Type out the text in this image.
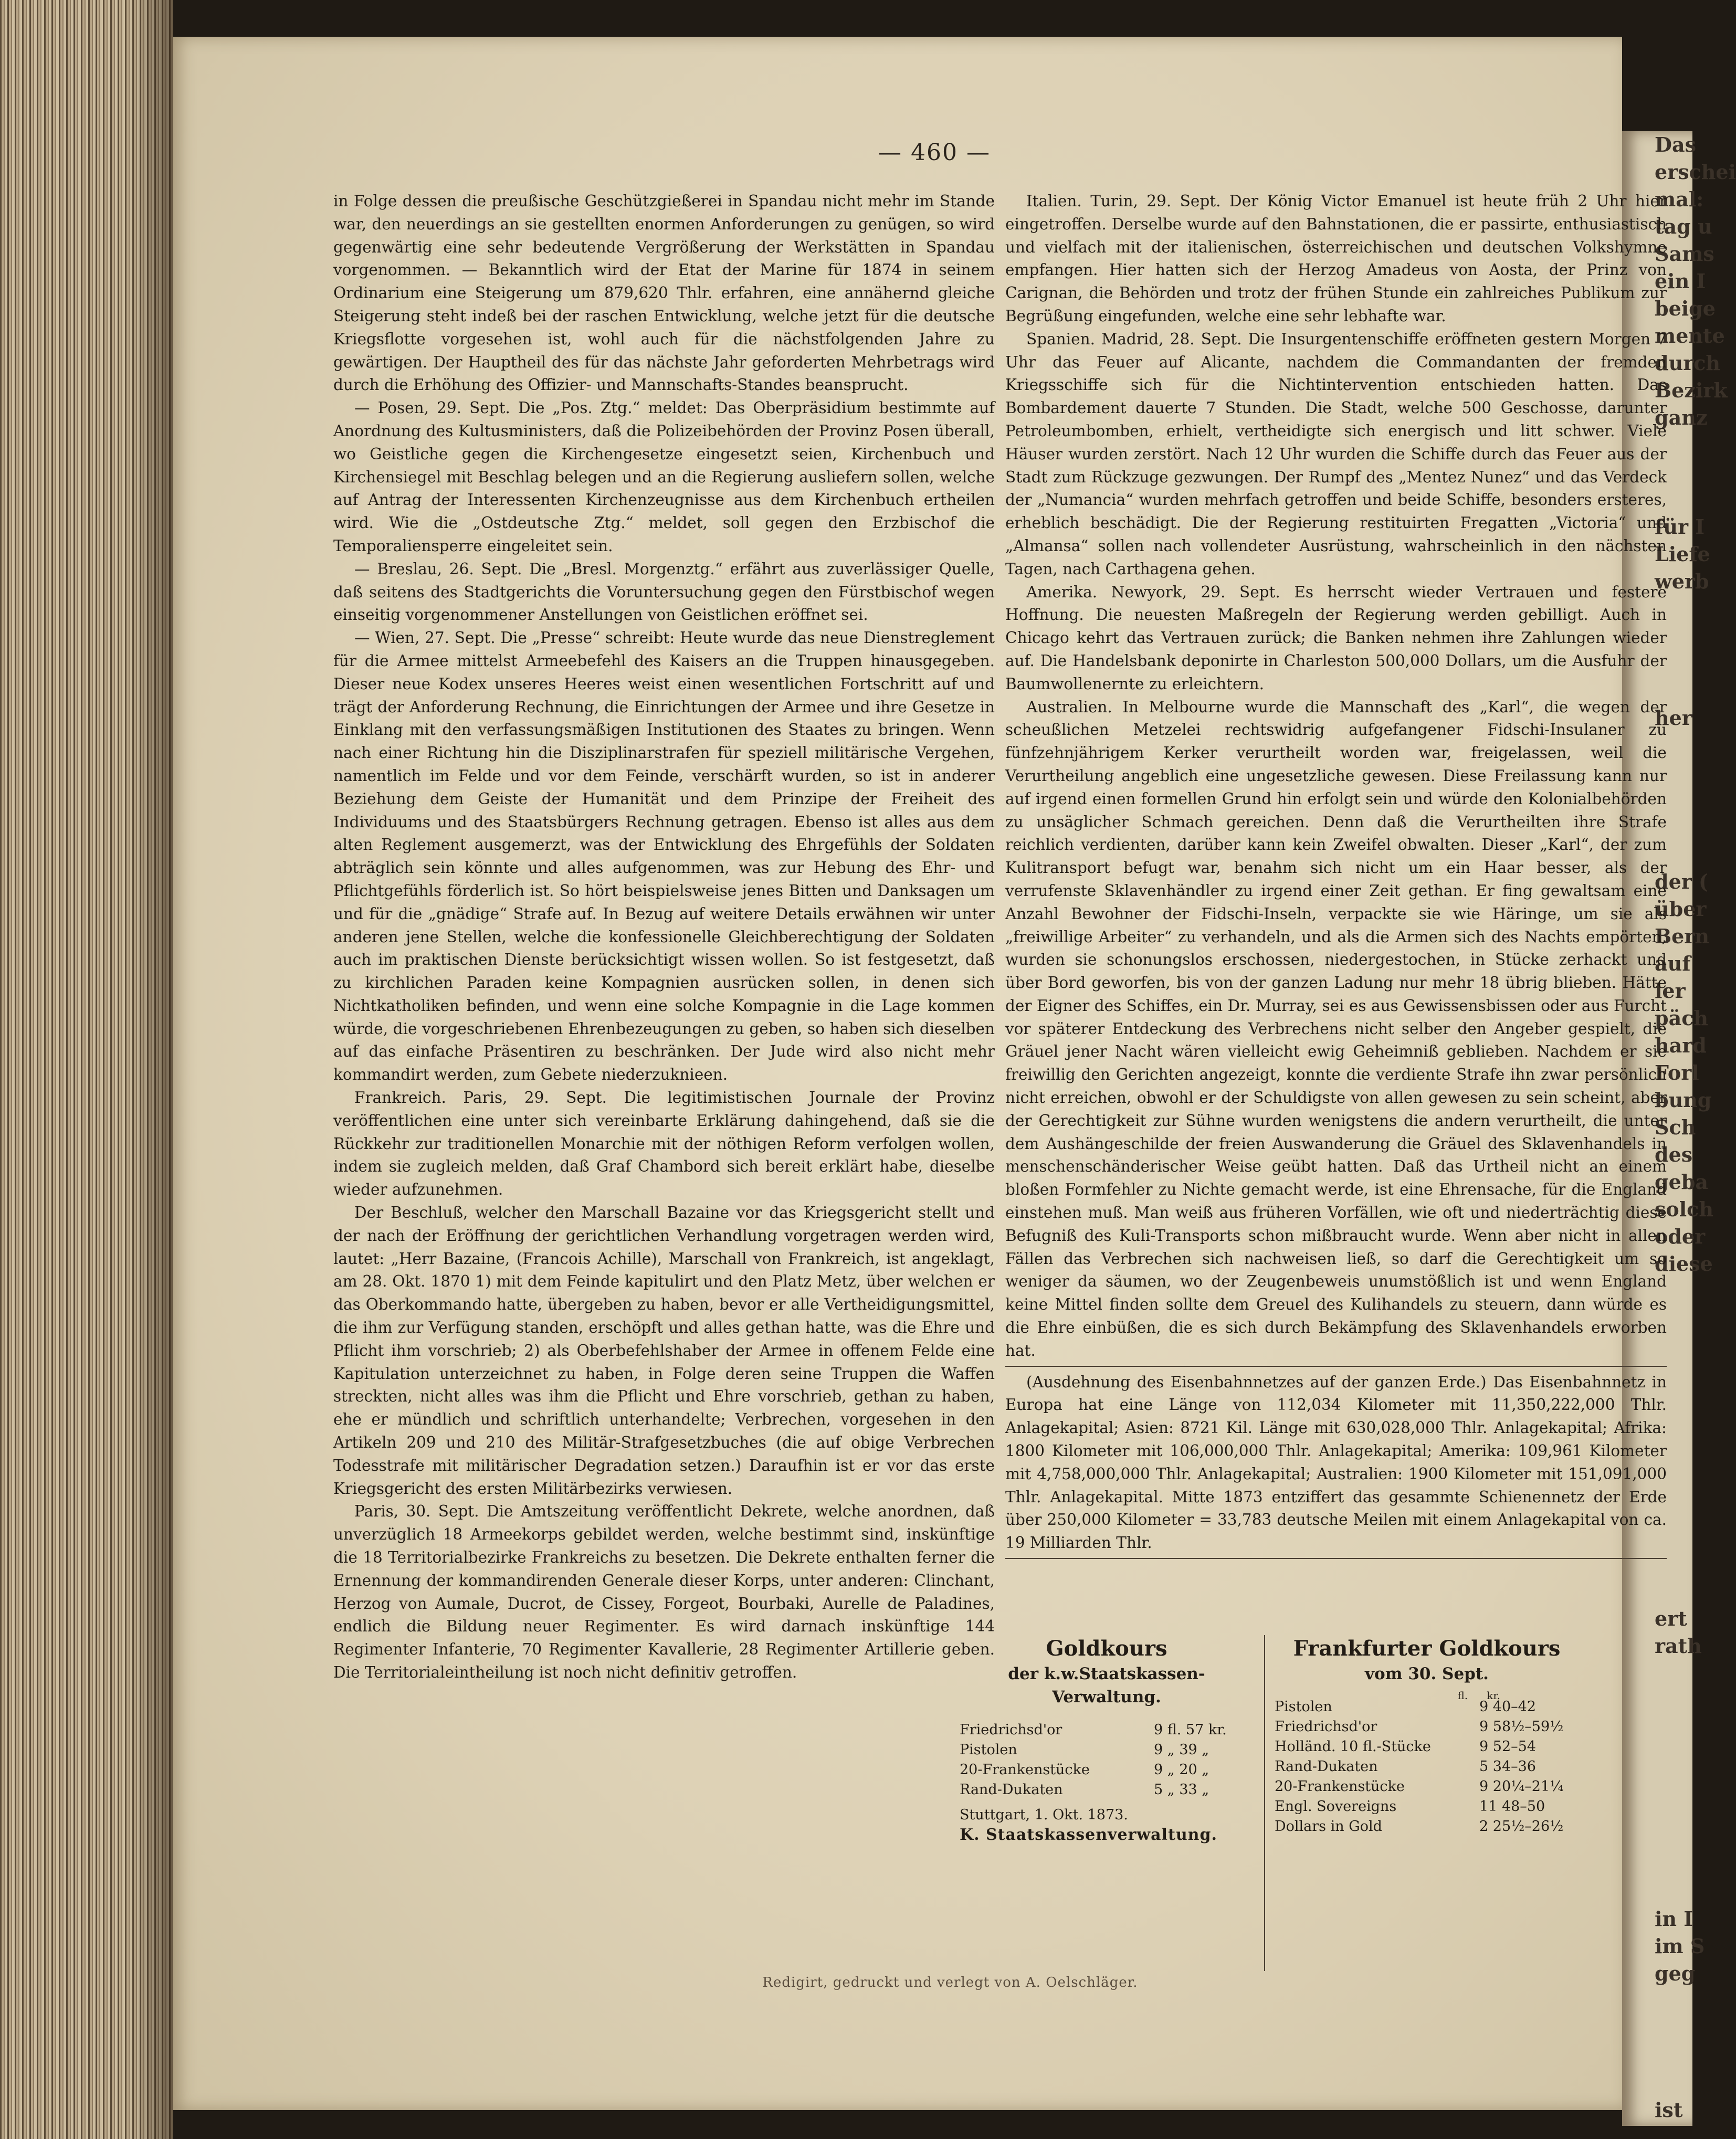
Das
erschei
mal:
tag u
Sams
ein I
beige
mente
durch
Bezirk
ganz

für I
Liefe
werb

her

der (
über
Bern
auf
ler
päch
hard
Forl
bung
Sch
des
geba
solch
oder
diese

ert
rath

in I
im S
geg

ist
— 460 —

in Folge dessen die preußische Geschützgießerei in Spandau nicht mehr im Stande war, den neuerdings an sie gestellten enormen Anforderungen zu genügen, so wird gegenwärtig eine sehr bedeutende Vergrößerung der Werkstätten in Spandau vorgenommen. — Bekanntlich wird der Etat der Marine für 1874 in seinem Ordinarium eine Steigerung um 879,620 Thlr. erfahren, eine annähernd gleiche Steigerung steht indeß bei der raschen Entwicklung, welche jetzt für die deutsche Kriegsflotte vorgesehen ist, wohl auch für die nächstfolgenden Jahre zu gewärtigen. Der Hauptheil des für das nächste Jahr geforderten Mehrbetrags wird durch die Erhöhung des Offizier- und Mannschafts-Standes beansprucht.

— Posen, 29. Sept. Die „Pos. Ztg.“ meldet: Das Oberpräsidium bestimmte auf Anordnung des Kultusministers, daß die Polizeibehörden der Provinz Posen überall, wo Geistliche gegen die Kirchengesetze eingesetzt seien, Kirchenbuch und Kirchensiegel mit Beschlag belegen und an die Regierung ausliefern sollen, welche auf Antrag der Interessenten Kirchenzeugnisse aus dem Kirchenbuch ertheilen wird. Wie die „Ostdeutsche Ztg.“ meldet, soll gegen den Erzbischof die Temporaliensperre eingeleitet sein.

— Breslau, 26. Sept. Die „Bresl. Morgenztg.“ erfährt aus zuverlässiger Quelle, daß seitens des Stadtgerichts die Voruntersuchung gegen den Fürstbischof wegen einseitig vorgenommener Anstellungen von Geistlichen eröffnet sei.

— Wien, 27. Sept. Die „Presse“ schreibt: Heute wurde das neue Dienstreglement für die Armee mittelst Armeebefehl des Kaisers an die Truppen hinausgegeben. Dieser neue Kodex unseres Heeres weist einen wesentlichen Fortschritt auf und trägt der Anforderung Rechnung, die Einrichtungen der Armee und ihre Gesetze in Einklang mit den verfassungsmäßigen Institutionen des Staates zu bringen. Wenn nach einer Richtung hin die Disziplinarstrafen für speziell militärische Vergehen, namentlich im Felde und vor dem Feinde, verschärft wurden, so ist in anderer Beziehung dem Geiste der Humanität und dem Prinzipe der Freiheit des Individuums und des Staatsbürgers Rechnung getragen. Ebenso ist alles aus dem alten Reglement ausgemerzt, was der Entwicklung des Ehrgefühls der Soldaten abträglich sein könnte und alles aufgenommen, was zur Hebung des Ehr- und Pflichtgefühls förderlich ist. So hört beispielsweise jenes Bitten und Danksagen um und für die „gnädige“ Strafe auf. In Bezug auf weitere Details erwähnen wir unter anderen jene Stellen, welche die konfessionelle Gleichberechtigung der Soldaten auch im praktischen Dienste berücksichtigt wissen wollen. So ist festgesetzt, daß zu kirchlichen Paraden keine Kompagnien ausrücken sollen, in denen sich Nichtkatholiken befinden, und wenn eine solche Kompagnie in die Lage kommen würde, die vorgeschriebenen Ehrenbezeugungen zu geben, so haben sich dieselben auf das einfache Präsentiren zu beschränken. Der Jude wird also nicht mehr kommandirt werden, zum Gebete niederzuknieen.

Frankreich. Paris, 29. Sept. Die legitimistischen Journale der Provinz veröffentlichen eine unter sich vereinbarte Erklärung dahingehend, daß sie die Rückkehr zur traditionellen Monarchie mit der nöthigen Reform verfolgen wollen, indem sie zugleich melden, daß Graf Chambord sich bereit erklärt habe, dieselbe wieder aufzunehmen.

Der Beschluß, welcher den Marschall Bazaine vor das Kriegsgericht stellt und der nach der Eröffnung der gerichtlichen Verhandlung vorgetragen werden wird, lautet: „Herr Bazaine, (Francois Achille), Marschall von Frankreich, ist angeklagt, am 28. Okt. 1870 1) mit dem Feinde kapitulirt und den Platz Metz, über welchen er das Oberkommando hatte, übergeben zu haben, bevor er alle Vertheidigungsmittel, die ihm zur Verfügung standen, erschöpft und alles gethan hatte, was die Ehre und Pflicht ihm vorschrieb; 2) als Oberbefehlshaber der Armee in offenem Felde eine Kapitulation unterzeichnet zu haben, in Folge deren seine Truppen die Waffen streckten, nicht alles was ihm die Pflicht und Ehre vorschrieb, gethan zu haben, ehe er mündlich und schriftlich unterhandelte; Verbrechen, vorgesehen in den Artikeln 209 und 210 des Militär-Strafgesetzbuches (die auf obige Verbrechen Todesstrafe mit militärischer Degradation setzen.) Daraufhin ist er vor das erste Kriegsgericht des ersten Militärbezirks verwiesen.

Paris, 30. Sept. Die Amtszeitung veröffentlicht Dekrete, welche anordnen, daß unverzüglich 18 Armeekorps gebildet werden, welche bestimmt sind, inskünftige die 18 Territorialbezirke Frankreichs zu besetzen. Die Dekrete enthalten ferner die Ernennung der kommandirenden Generale dieser Korps, unter anderen: Clinchant, Herzog von Aumale, Ducrot, de Cissey, Forgeot, Bourbaki, Aurelle de Paladines, endlich die Bildung neuer Regimenter. Es wird darnach inskünftige 144 Regimenter Infanterie, 70 Regimenter Kavallerie, 28 Regimenter Artillerie geben. Die Territorialeintheilung ist noch nicht definitiv getroffen.

Italien. Turin, 29. Sept. Der König Victor Emanuel ist heute früh 2 Uhr hier eingetroffen. Derselbe wurde auf den Bahnstationen, die er passirte, enthusiastisch und vielfach mit der italienischen, österreichischen und deutschen Volkshymne empfangen. Hier hatten sich der Herzog Amadeus von Aosta, der Prinz von Carignan, die Behörden und trotz der frühen Stunde ein zahlreiches Publikum zur Begrüßung eingefunden, welche eine sehr lebhafte war.

Spanien. Madrid, 28. Sept. Die Insurgentenschiffe eröffneten gestern Morgen 7 Uhr das Feuer auf Alicante, nachdem die Commandanten der fremden Kriegsschiffe sich für die Nichtintervention entschieden hatten. Das Bombardement dauerte 7 Stunden. Die Stadt, welche 500 Geschosse, darunter Petroleumbomben, erhielt, vertheidigte sich energisch und litt schwer. Viele Häuser wurden zerstört. Nach 12 Uhr wurden die Schiffe durch das Feuer aus der Stadt zum Rückzuge gezwungen. Der Rumpf des „Mentez Nunez“ und das Verdeck der „Numancia“ wurden mehrfach getroffen und beide Schiffe, besonders ersteres, erheblich beschädigt. Die der Regierung restituirten Fregatten „Victoria“ und „Almansa“ sollen nach vollendeter Ausrüstung, wahrscheinlich in den nächsten Tagen, nach Carthagena gehen.

Amerika. Newyork, 29. Sept. Es herrscht wieder Vertrauen und festere Hoffnung. Die neuesten Maßregeln der Regierung werden gebilligt. Auch in Chicago kehrt das Vertrauen zurück; die Banken nehmen ihre Zahlungen wieder auf. Die Handelsbank deponirte in Charleston 500,000 Dollars, um die Ausfuhr der Baumwollenernte zu erleichtern.

Australien. In Melbourne wurde die Mannschaft des „Karl“, die wegen der scheußlichen Metzelei rechtswidrig aufgefangener Fidschi-Insulaner zu fünfzehnjährigem Kerker verurtheilt worden war, freigelassen, weil die Verurtheilung angeblich eine ungesetzliche gewesen. Diese Freilassung kann nur auf irgend einen formellen Grund hin erfolgt sein und würde den Kolonialbehörden zu unsäglicher Schmach gereichen. Denn daß die Verurtheilten ihre Strafe reichlich verdienten, darüber kann kein Zweifel obwalten. Dieser „Karl“, der zum Kulitransport befugt war, benahm sich nicht um ein Haar besser, als der verrufenste Sklavenhändler zu irgend einer Zeit gethan. Er fing gewaltsam eine Anzahl Bewohner der Fidschi-Inseln, verpackte sie wie Häringe, um sie als „freiwillige Arbeiter“ zu verhandeln, und als die Armen sich des Nachts empörten, wurden sie schonungslos erschossen, niedergestochen, in Stücke zerhackt und über Bord geworfen, bis von der ganzen Ladung nur mehr 18 übrig blieben. Hätte der Eigner des Schiffes, ein Dr. Murray, sei es aus Gewissensbissen oder aus Furcht vor späterer Entdeckung des Verbrechens nicht selber den Angeber gespielt, die Gräuel jener Nacht wären vielleicht ewig Geheimniß geblieben. Nachdem er sie freiwillig den Gerichten angezeigt, konnte die verdiente Strafe ihn zwar persönlich nicht erreichen, obwohl er der Schuldigste von allen gewesen zu sein scheint, aber der Gerechtigkeit zur Sühne wurden wenigstens die andern verurtheilt, die unter dem Aushängeschilde der freien Auswanderung die Gräuel des Sklavenhandels in menschenschänderischer Weise geübt hatten. Daß das Urtheil nicht an einem bloßen Formfehler zu Nichte gemacht werde, ist eine Ehrensache, für die England einstehen muß. Man weiß aus früheren Vorfällen, wie oft und niederträchtig diese Befugniß des Kuli-Transports schon mißbraucht wurde. Wenn aber nicht in allen Fällen das Verbrechen sich nachweisen ließ, so darf die Gerechtigkeit um so weniger da säumen, wo der Zeugenbeweis unumstößlich ist und wenn England keine Mittel finden sollte dem Greuel des Kulihandels zu steuern, dann würde es die Ehre einbüßen, die es sich durch Bekämpfung des Sklavenhandels erworben hat.

(Ausdehnung des Eisenbahnnetzes auf der ganzen Erde.) Das Eisenbahnnetz in Europa hat eine Länge von 112,034 Kilometer mit 11,350,222,000 Thlr. Anlagekapital; Asien: 8721 Kil. Länge mit 630,028,000 Thlr. Anlagekapital; Afrika: 1800 Kilometer mit 106,000,000 Thlr. Anlagekapital; Amerika: 109,961 Kilometer mit 4,758,000,000 Thlr. Anlagekapital; Australien: 1900 Kilometer mit 151,091,000 Thlr. Anlagekapital. Mitte 1873 entziffert das gesammte Schienennetz der Erde über 250,000 Kilometer = 33,783 deutsche Meilen mit einem Anlagekapital von ca. 19 Milliarden Thlr.

Goldkours
der k.w.Staatskassen-Verwaltung.
Friedrichsd'or	9 fl. 57 kr.
Pistolen	9 „ 39 „
20-Frankenstücke	9 „ 20 „
Rand-Dukaten	5 „ 33 „
Stuttgart, 1. Okt. 1873.
K. Staatskassenverwaltung.
Frankfurter Goldkours
vom 30. Sept.
fl. kr.
Pistolen	9 40–42
Friedrichsd'or	9 58½–59½
Holländ. 10 fl.-Stücke	9 52–54
Rand-Dukaten	5 34–36
20-Frankenstücke	9 20¼–21¼
Engl. Sovereigns	11 48–50
Dollars in Gold	2 25½–26½
Redigirt, gedruckt und verlegt von A. Oelschläger.
